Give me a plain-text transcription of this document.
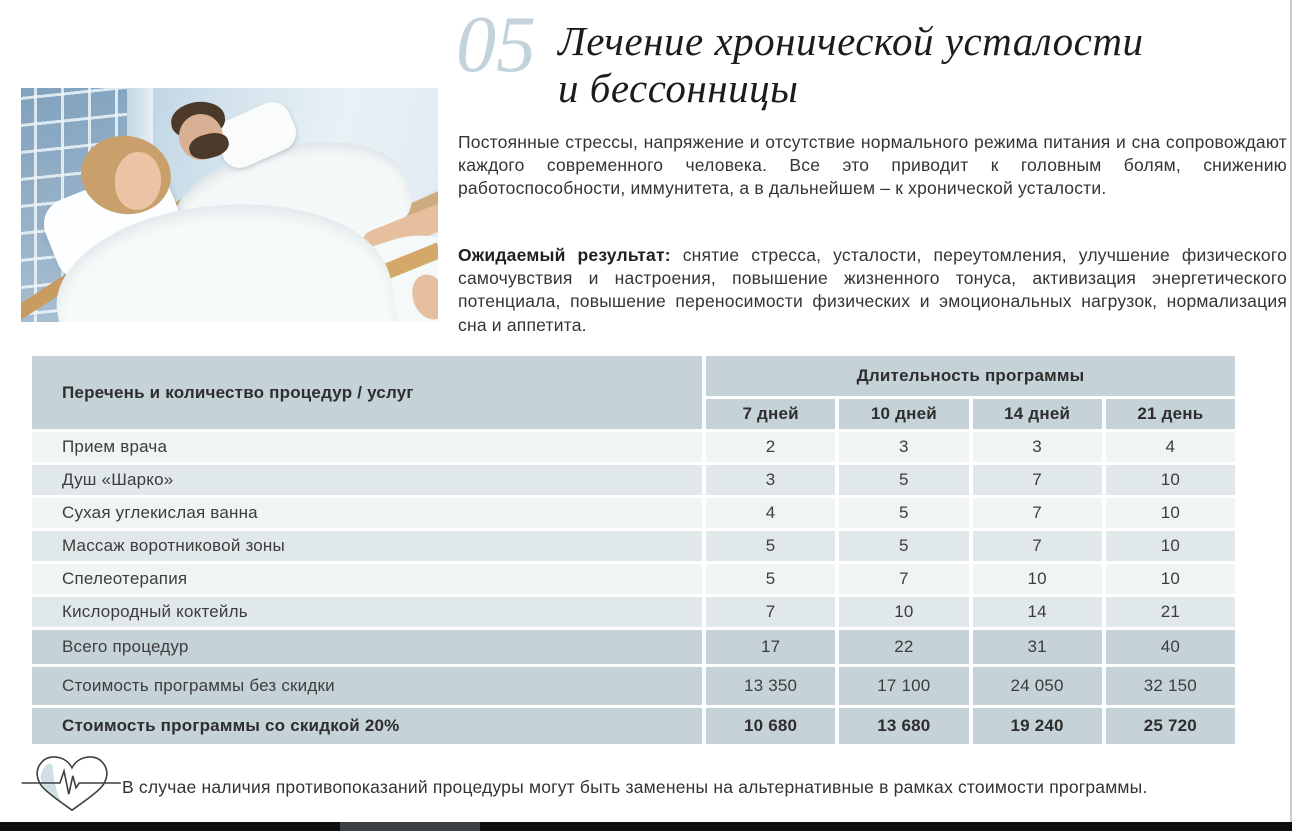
05 Лечение хронической усталости
и бессонницы

Постоянные стрессы, напряжение и отсутствие нормального режима питания и сна сопровождают каждого современного человека. Все это приводит к головным болям, снижению работоспособности, иммунитета, а в дальнейшем – к хронической усталости.

Ожидаемый результат: снятие стресса, усталости, переутомления, улучшение физического самочувствия и настроения, повышение жизненного тонуса, активизация энергетического потенциала, повышение переносимости физических и эмоциональных нагрузок, нормализация сна и аппетита.

Перечень и количество процедур / услуг
Длительность программы
7 дней	10 дней	14 дней	21 день
Прием врача	2	3	3	4
Душ «Шарко»	3	5	7	10
Сухая углекислая ванна	4	5	7	10
Массаж воротниковой зоны	5	5	7	10
Спелеотерапия	5	7	10	10
Кислородный коктейль	7	10	14	21
Всего процедур	17	22	31	40
Стоимость программы без скидки	13 350	17 100	24 050	32 150
Стоимость программы со скидкой 20%	10 680	13 680	19 240	25 720
В случае наличия противопоказаний процедуры могут быть заменены на альтернативные в рамках стоимости программы.
